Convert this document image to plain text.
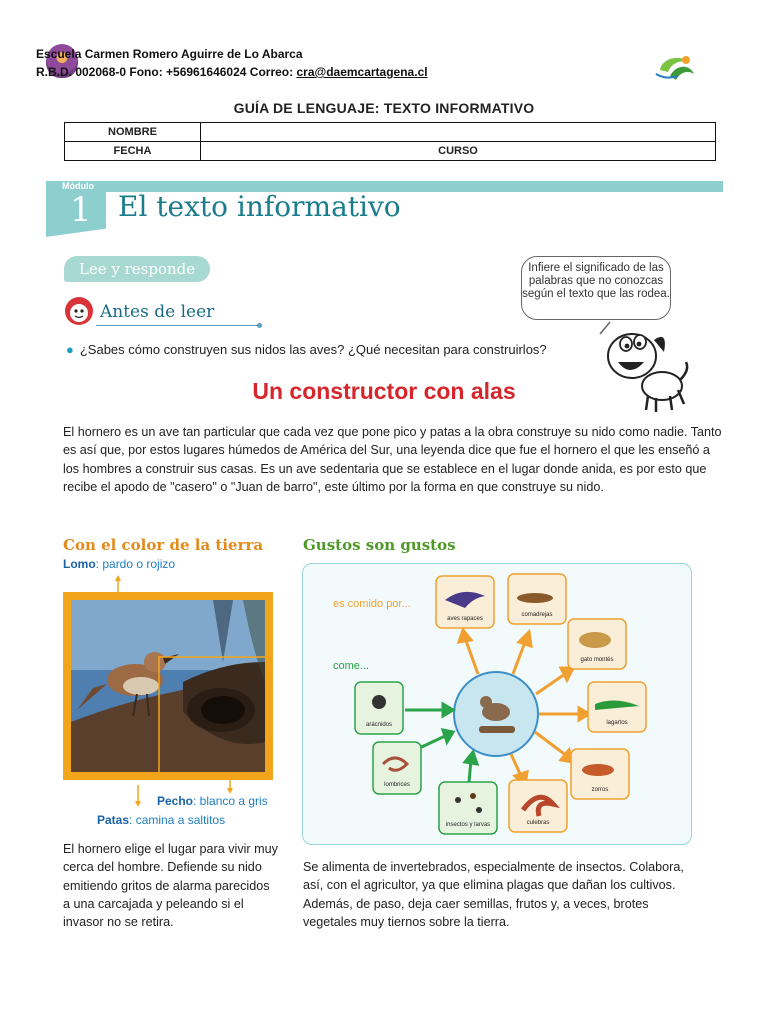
Escuela Carmen Romero Aguirre de Lo Abarca
R.B.D. 002068-0 Fono: +56961646024 Correo: cra@daemcartagena.cl
GUÍA DE LENGUAJE: TEXTO INFORMATIVO
NOMBRE	
FECHA	CURSO
Módulo
1 El texto informativo
Lee y responde
Antes de leer
● ¿Sabes cómo construyen sus nidos las aves? ¿Qué necesitan para construirlos?
Infiere el significado de las palabras que no conozcas según el texto que las rodea.
Un constructor con alas
El hornero es un ave tan particular que cada vez que pone pico y patas a la obra construye su nido como nadie. Tanto es así que, por estos lugares húmedos de América del Sur, una leyenda dice que fue el hornero el que les enseñó a los hombres a construir sus casas. Es un ave sedentaria que se establece en el lugar donde anida, es por esto que recibe el apodo de "casero" o "Juan de barro", este último por la forma en que construye su nido.
Con el color de la tierra
Lomo: pardo o rojizo
Pecho: blanco a gris
Patas: camina a saltitos
El hornero elige el lugar para vivir muy cerca del hombre. Defiende su nido emitiendo gritos de alarma parecidos a una carcajada y peleando si el invasor no se retira.
Gustos son gustos
es comido por...
come...
aves rapaces
comadrejas
gato montés
lagartos
zorros
culebras
arácnidos
lombrices
insectos y larvas
Se alimenta de invertebrados, especialmente de insectos. Colabora, así, con el agricultor, ya que elimina plagas que dañan los cultivos. Además, de paso, deja caer semillas, frutos y, a veces, brotes vegetales muy tiernos sobre la tierra.
